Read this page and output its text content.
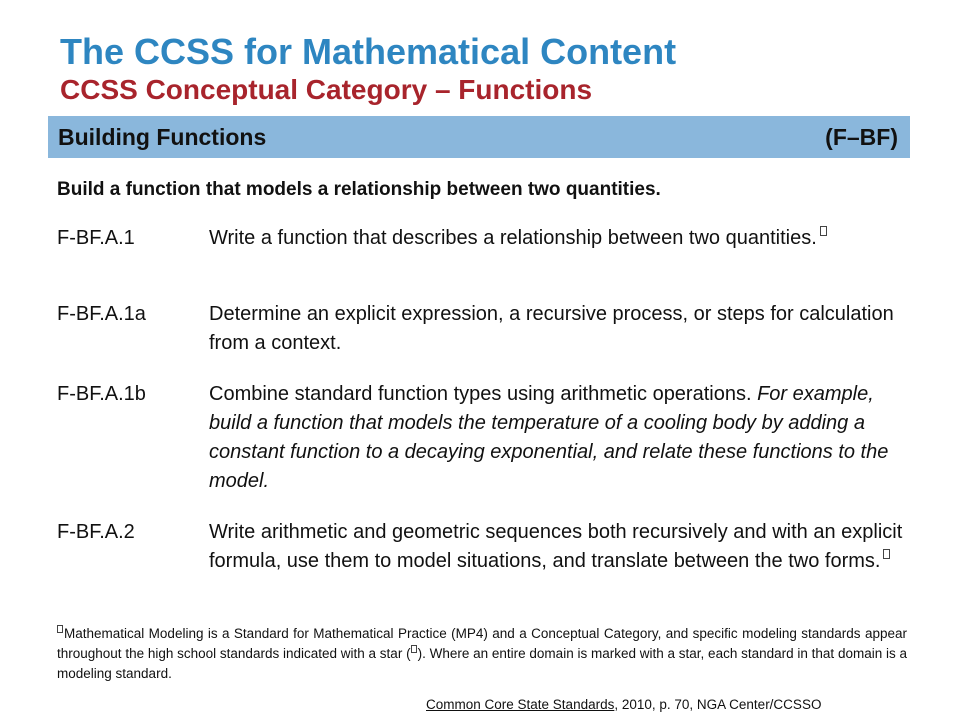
The CCSS for Mathematical Content
CCSS Conceptual Category – Functions
Building Functions	(F–BF)
Build a function that models a relationship between two quantities.
F-BF.A.1	Write a function that describes a relationship between two quantities.
F-BF.A.1a	Determine an explicit expression, a recursive process, or steps for calculation from a context.
F-BF.A.1b	Combine standard function types using arithmetic operations. For example, build a function that models the temperature of a cooling body by adding a constant function to a decaying exponential, and relate these functions to the model.
F-BF.A.2	Write arithmetic and geometric sequences both recursively and with an explicit formula, use them to model situations, and translate between the two forms.
Mathematical Modeling is a Standard for Mathematical Practice (MP4) and a Conceptual Category, and specific modeling standards appear throughout the high school standards indicated with a star ( ). Where an entire domain is marked with a star, each standard in that domain is a modeling standard.
Common Core State Standards, 2010, p. 70, NGA Center/CCSSO
